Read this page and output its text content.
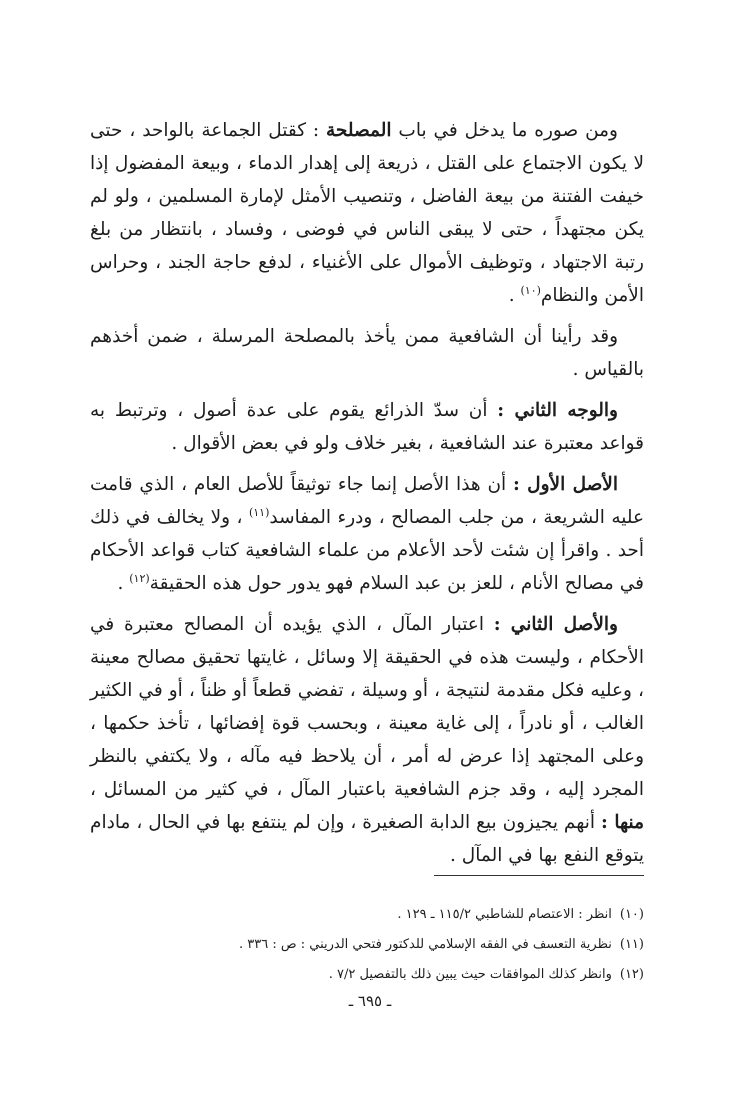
ومن صوره ما يدخل في باب المصلحة : كقتل الجماعة بالواحد ، حتى لا يكون الاجتماع على القتل ، ذريعة إلى إهدار الدماء ، وبيعة المفضول إذا خيفت الفتنة من بيعة الفاضل ، وتنصيب الأمثل لإمارة المسلمين ، ولو لم يكن مجتهداً ، حتى لا يبقى الناس في فوضى ، وفساد ، بانتظار من بلغ رتبة الاجتهاد ، وتوظيف الأموال على الأغنياء ، لدفع حاجة الجند ، وحراس الأمن والنظام$^{(١٠)}$ .

وقد رأينا أن الشافعية ممن يأخذ بالمصلحة المرسلة ، ضمن أخذهم بالقياس .

والوجه الثاني : أن سدّ الذرائع يقوم على عدة أصول ، وترتبط به قواعد معتبرة عند الشافعية ، بغير خلاف ولو في بعض الأقوال .

الأصل الأول : أن هذا الأصل إنما جاء توثيقاً للأصل العام ، الذي قامت عليه الشريعة ، من جلب المصالح ، ودرء المفاسد$^{(١١)}$ ، ولا يخالف في ذلك أحد . واقرأ إن شئت لأحد الأعلام من علماء الشافعية كتاب قواعد الأحكام في مصالح الأنام ، للعز بن عبد السلام فهو يدور حول هذه الحقيقة$^{(١٢)}$ .

والأصل الثاني : اعتبار المآل ، الذي يؤيده أن المصالح معتبرة في الأحكام ، وليست هذه في الحقيقة إلا وسائل ، غايتها تحقيق مصالح معينة ، وعليه فكل مقدمة لنتيجة ، أو وسيلة ، تفضي قطعاً أو ظناً ، أو في الكثير الغالب ، أو نادراً ، إلى غاية معينة ، وبحسب قوة إفضائها ، تأخذ حكمها ، وعلى المجتهد إذا عرض له أمر ، أن يلاحظ فيه مآله ، ولا يكتفي بالنظر المجرد إليه ، وقد جزم الشافعية باعتبار المآل ، في كثير من المسائل ، منها : أنهم يجيزون بيع الدابة الصغيرة ، وإن لم ينتفع بها في الحال ، مادام يتوقع النفع بها في المآل .

(١٠) انظر : الاعتصام للشاطبي ١١٥/٢ ـ ١٢٩ .

(١١) نظرية التعسف في الفقه الإسلامي للدكتور فتحي الدريني : ص : ٣٣٦ .

(١٢) وانظر كذلك الموافقات حيث يبين ذلك بالتفصيل ٧/٢ .

ـ ٦٩٥ ـ
